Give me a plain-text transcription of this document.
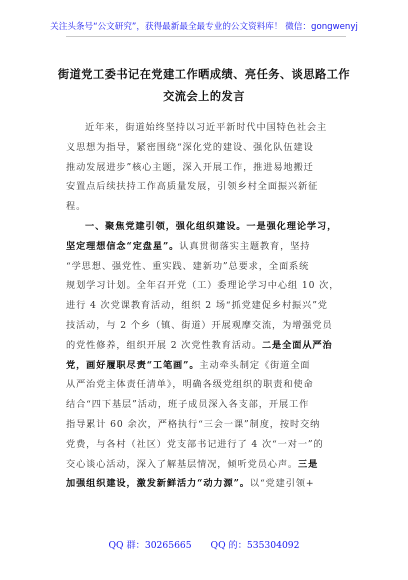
关注头条号“公文研究”，获得最新最全最专业的公文资料库！ 微信：gongwenyj
街道党工委书记在党建工作晒成绩、亮任务、谈思路工作
交流会上的发言
近年来，街道始终坚持以习近平新时代中国特色社会主
义思想为指导，紧密围绕“深化党的建设、强化队伍建设
推动发展进步”核心主题，深入开展工作，推进易地搬迁
安置点后续扶持工作高质量发展，引领乡村全面振兴新征
程。
一、聚焦党建引领，强化组织建设。一是强化理论学习，
坚定理想信念“定盘星”。认真贯彻落实主题教育，坚持
“学思想、强党性、重实践、建新功”总要求，全面系统
规划学习计划。全年召开党（工）委理论学习中心组 10 次，
进行 4 次党课教育活动，组织 2 场“抓党建促乡村振兴”党
技活动，与 2 个乡（镇、街道）开展观摩交流，为增强党员
的党性修养，组织开展 2 次党性教育活动。二是全面从严治
党，画好履职尽责“工笔画”。主动牵头制定《街道全面
从严治党主体责任清单》，明确各级党组织的职责和使命
结合“四下基层”活动，班子成员深入各支部，开展工作
指导累计 60 余次，严格执行“三会一课”制度，按时交纳
党费，与各村（社区）党支部书记进行了 4 次“一对一”的
交心谈心活动，深入了解基层情况，倾听党员心声。三是
加强组织建设，激发新鲜活力“动力源”。以“党建引领+
QQ 群：30265665 QQ 的：535304092
